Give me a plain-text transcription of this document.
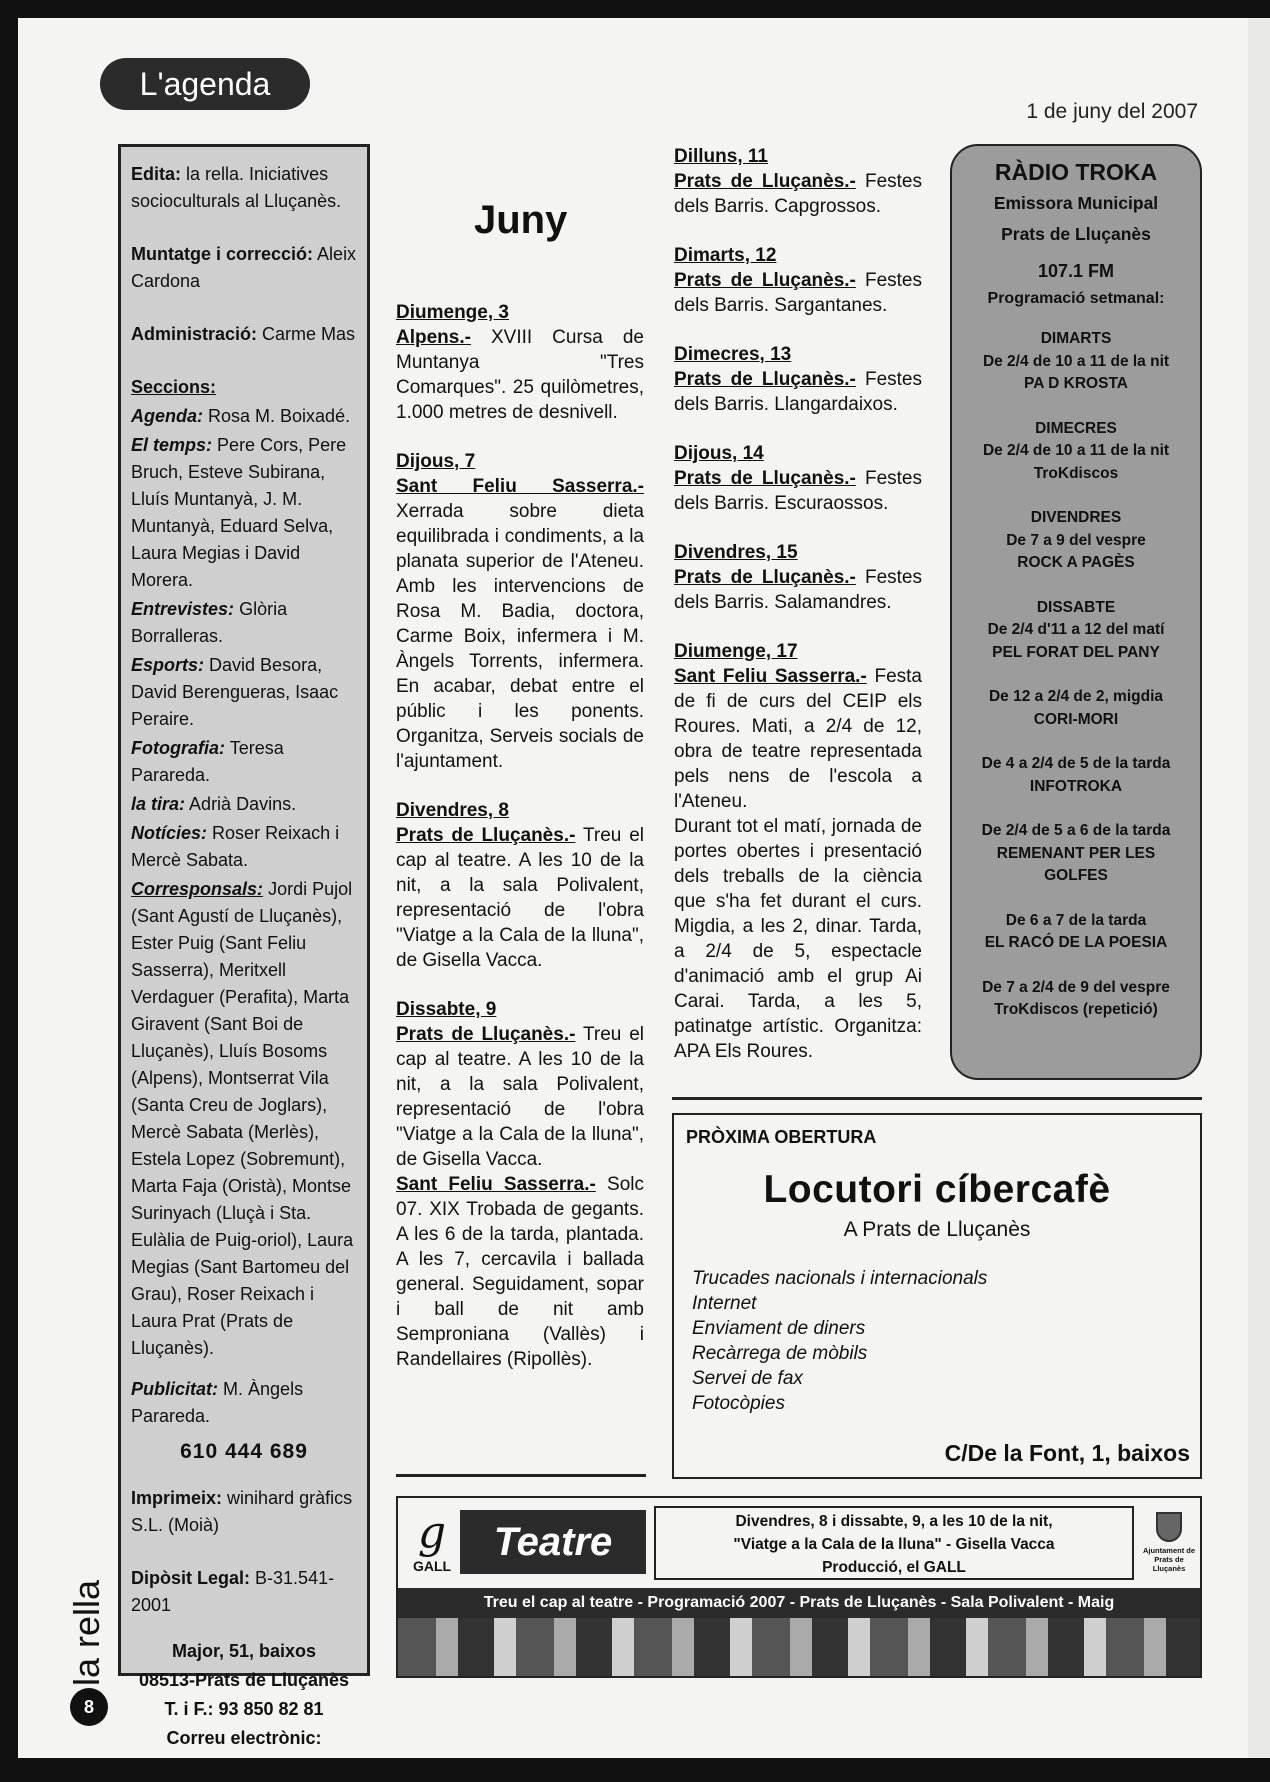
L'agenda
1 de juny del 2007

Edita: la rella. Iniciatives socioculturals al Lluçanès.

Muntatge i correcció: Aleix Cardona

Administració: Carme Mas

Seccions:

Agenda: Rosa M. Boixadé.

El temps: Pere Cors, Pere Bruch, Esteve Subirana, Lluís Muntanyà, J. M. Muntanyà, Eduard Selva, Laura Megias i David Morera.

Entrevistes: Glòria Borralleras.

Esports: David Besora, David Berengueras, Isaac Peraire.

Fotografia: Teresa Parareda.

la tira: Adrià Davins.

Notícies: Roser Reixach i Mercè Sabata.

Corresponsals: Jordi Pujol (Sant Agustí de Lluçanès), Ester Puig (Sant Feliu Sasserra), Meritxell Verdaguer (Perafita), Marta Giravent (Sant Boi de Lluçanès), Lluís Bosoms (Alpens), Montserrat Vila (Santa Creu de Joglars), Mercè Sabata (Merlès), Estela Lopez (Sobremunt), Marta Faja (Oristà), Montse Surinyach (Lluçà i Sta. Eulàlia de Puig-oriol), Laura Megias (Sant Bartomeu del Grau), Roser Reixach i Laura Prat (Prats de Lluçanès).

Publicitat: M. Àngels Parareda.

610 444 689

Imprimeix: winihard gràfics S.L. (Moià)

Dipòsit Legal: B-31.541-2001

Major, 51, baixos
08513-Prats de Lluçanès
T. i F.: 93 850 82 81
Correu electrònic:
larella@mesvilaweb.com
Juny
Diumenge, 3

Alpens.- XVIII Cursa de Muntanya "Tres Comarques". 25 quilòmetres, 1.000 metres de desnivell.

Dijous, 7

Sant Feliu Sasserra.- Xerrada sobre dieta equilibrada i condiments, a la planata superior de l'Ateneu. Amb les intervencions de Rosa M. Badia, doctora, Carme Boix, infermera i M. Àngels Torrents, infermera. En acabar, debat entre el públic i les ponents. Organitza, Serveis socials de l'ajuntament.

Divendres, 8

Prats de Lluçanès.- Treu el cap al teatre. A les 10 de la nit, a la sala Polivalent, representació de l'obra "Viatge a la Cala de la lluna", de Gisella Vacca.

Dissabte, 9

Prats de Lluçanès.- Treu el cap al teatre. A les 10 de la nit, a la sala Polivalent, representació de l'obra "Viatge a la Cala de la lluna", de Gisella Vacca.

Sant Feliu Sasserra.- Solc 07. XIX Trobada de gegants. A les 6 de la tarda, plantada. A les 7, cercavila i ballada general. Seguidament, sopar i ball de nit amb Semproniana (Vallès) i Randellaires (Ripollès).

Dilluns, 11

Prats de Lluçanès.- Festes dels Barris. Capgrossos.

Dimarts, 12

Prats de Lluçanès.- Festes dels Barris. Sargantanes.

Dimecres, 13

Prats de Lluçanès.- Festes dels Barris. Llangardaixos.

Dijous, 14

Prats de Lluçanès.- Festes dels Barris. Escuraossos.

Divendres, 15

Prats de Lluçanès.- Festes dels Barris. Salamandres.

Diumenge, 17

Sant Feliu Sasserra.- Festa de fi de curs del CEIP els Roures. Mati, a 2/4 de 12, obra de teatre representada pels nens de l'escola a l'Ateneu.

Durant tot el matí, jornada de portes obertes i presentació dels treballs de la ciència que s'ha fet durant el curs. Migdia, a les 2, dinar. Tarda, a 2/4 de 5, espectacle d'animació amb el grup Ai Carai. Tarda, a les 5, patinatge artístic. Organitza: APA Els Roures.

RÀDIO TROKA
Emissora Municipal
Prats de Lluçanès
107.1 FM
Programació setmanal:
DIMARTS
De 2/4 de 10 a 11 de la nit
PA D KROSTA
DIMECRES
De 2/4 de 10 a 11 de la nit
TroKdiscos
DIVENDRES
De 7 a 9 del vespre
ROCK A PAGÈS
DISSABTE
De 2/4 d'11 a 12 del matí
PEL FORAT DEL PANY
De 12 a 2/4 de 2, migdia
CORI-MORI
De 4 a 2/4 de 5 de la tarda
INFOTROKA
De 2/4 de 5 a 6 de la tarda
REMENANT PER LES
GOLFES
De 6 a 7 de la tarda
EL RACÓ DE LA POESIA
De 7 a 2/4 de 9 del vespre
TroKdiscos (repetició)
PRÒXIMA OBERTURA
Locutori cíbercafè
A Prats de Lluçanès
Trucades nacionals i internacionals
Internet
Enviament de diners
Recàrrega de mòbils
Servei de fax
Fotocòpies
C/De la Font, 1, baixos
g
GALL
Teatre	Divendres, 8 i dissabte, 9, a les 10 de la nit,
"Viatge a la Cala de la lluna" - Gisella Vacca
Producció, el GALL
Ajuntament de Prats de Lluçanès
Treu el cap al teatre - Programació 2007 - Prats de Lluçanès - Sala Polivalent - Maig
la rella
8
